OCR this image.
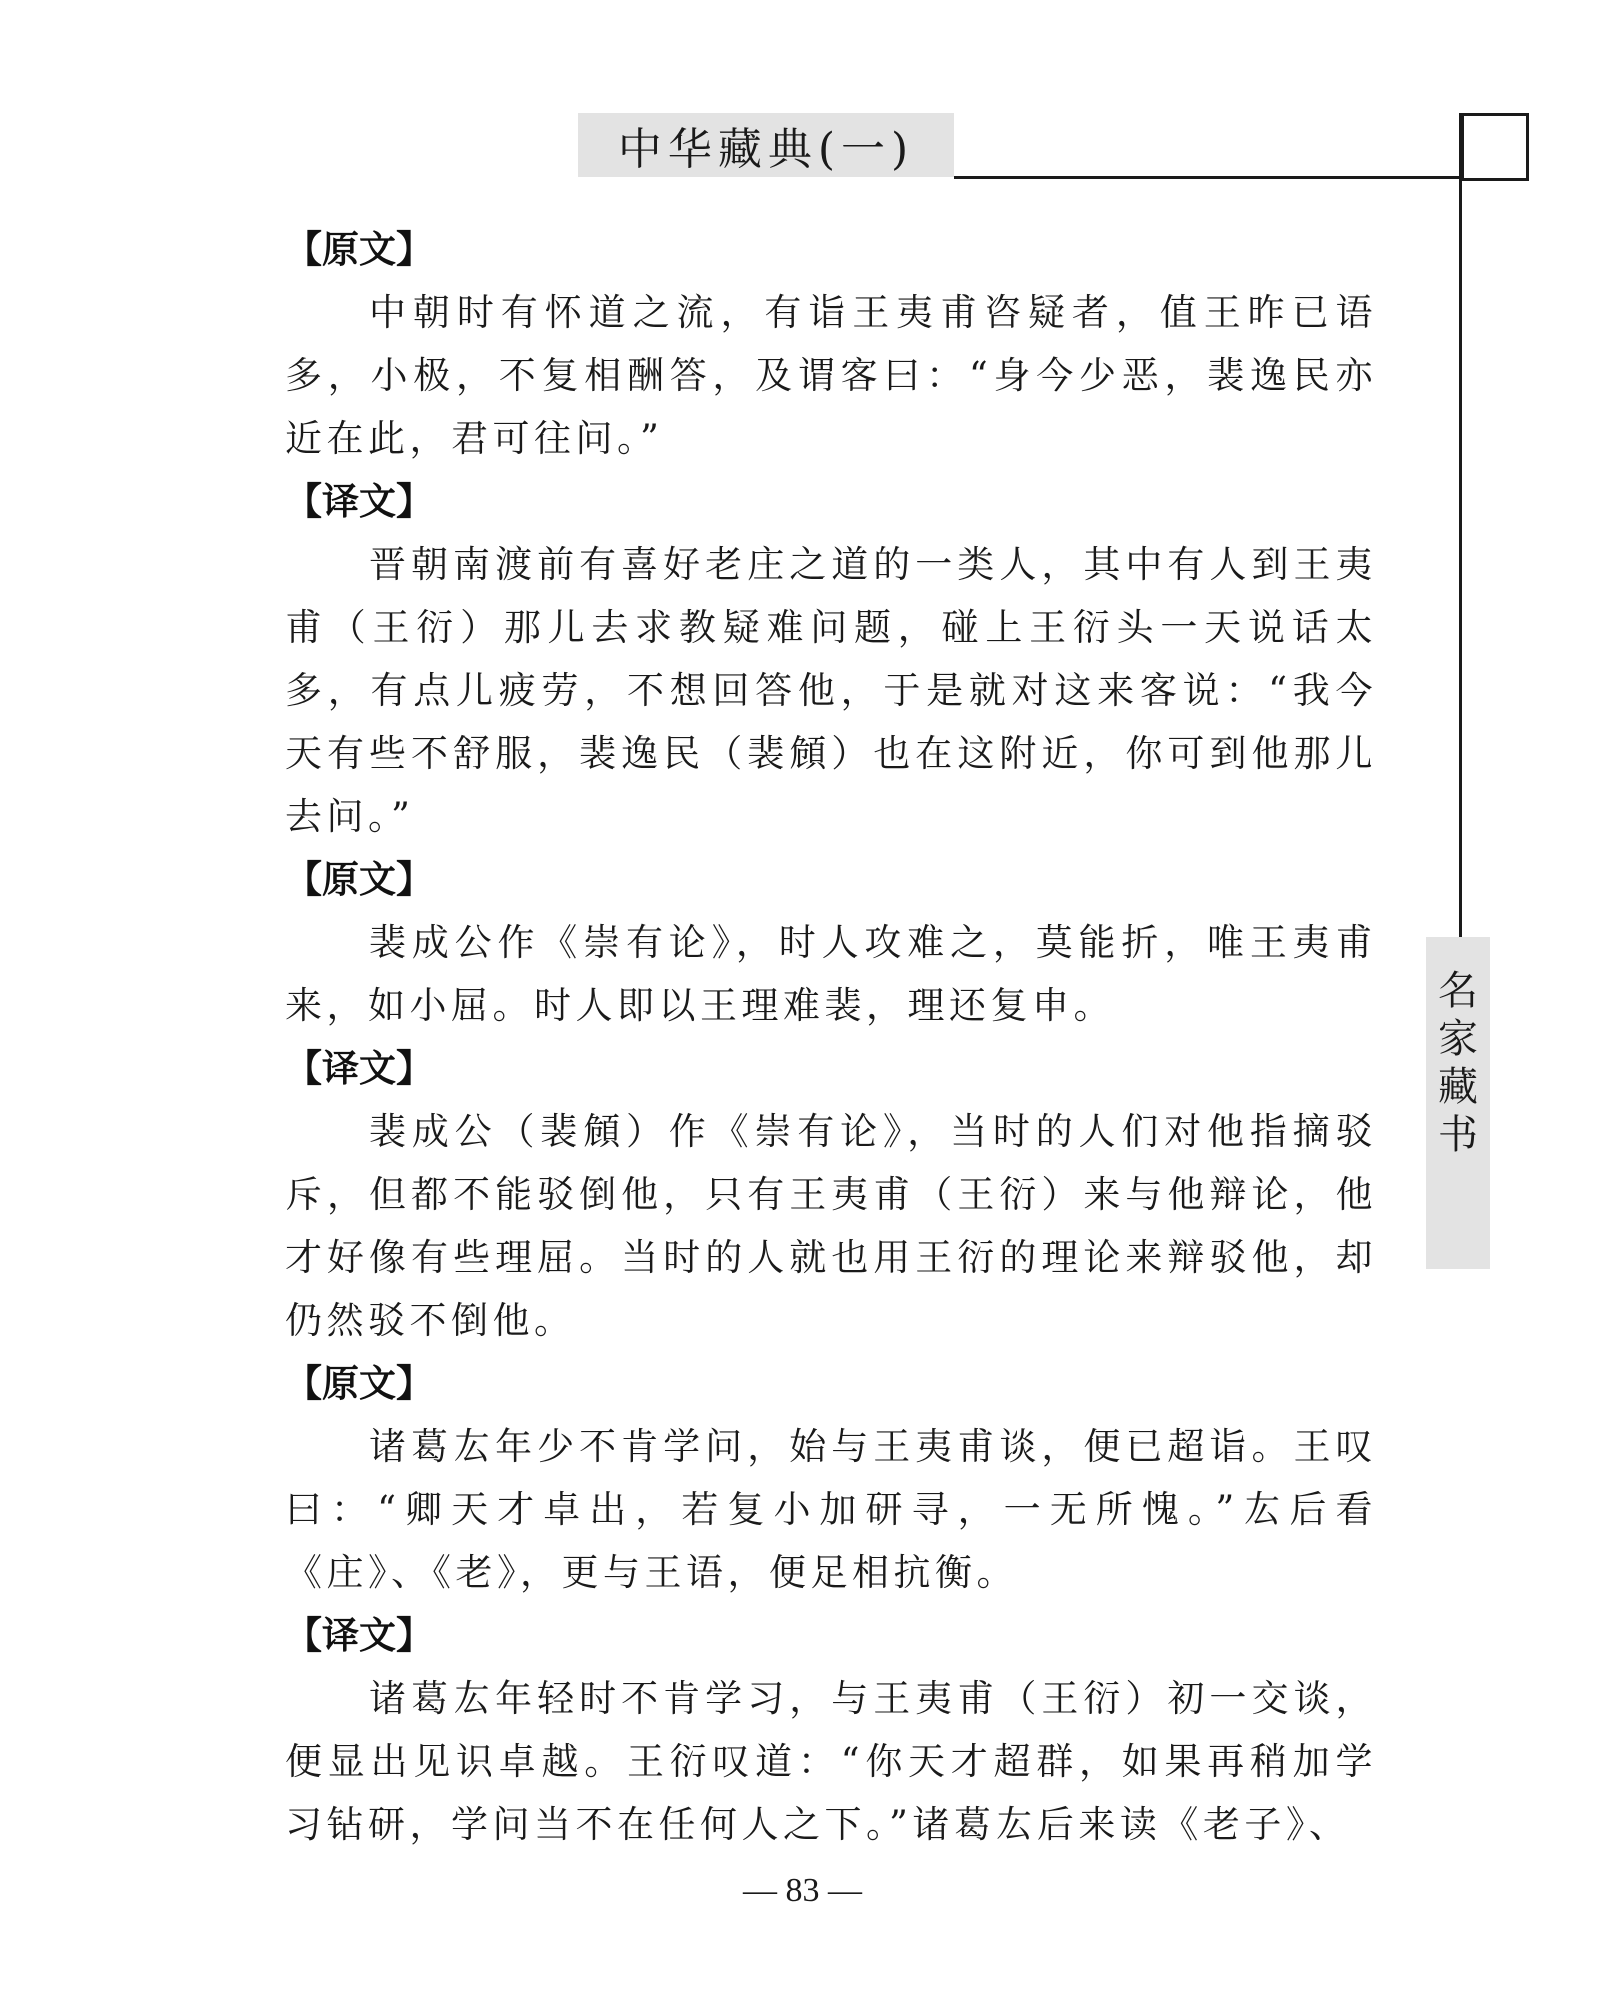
中华藏典(一)
名
家
藏
书
【原文】

中朝时有怀道之流，有诣王夷甫咨疑者，值王昨已语多，小极，不复相酬答，及谓客曰：“身今少恶，裴逸民亦近在此，君可往问。”

【译文】

晋朝南渡前有喜好老庄之道的一类人，其中有人到王夷甫（王衍）那儿去求教疑难问题，碰上王衍头一天说话太多，有点儿疲劳，不想回答他，于是就对这来客说：“我今天有些不舒服，裴逸民（裴頠）也在这附近，你可到他那儿去问。”

【原文】

裴成公作《崇有论》，时人攻难之，莫能折，唯王夷甫来，如小屈。时人即以王理难裴，理还复申。

【译文】

裴成公（裴頠）作《崇有论》，当时的人们对他指摘驳斥，但都不能驳倒他，只有王夷甫（王衍）来与他辩论，他才好像有些理屈。当时的人就也用王衍的理论来辩驳他，却仍然驳不倒他。

【原文】

诸葛厷年少不肯学问，始与王夷甫谈，便已超诣。王叹曰：“卿天才卓出，若复小加研寻，一无所愧。”厷后看《庄》、《老》，更与王语，便足相抗衡。

【译文】

诸葛厷年轻时不肯学习，与王夷甫（王衍）初一交谈，便显出见识卓越。王衍叹道：“你天才超群，如果再稍加学习钻研，学问当不在任何人之下。”诸葛厷后来读《老子》、

— 83 —
